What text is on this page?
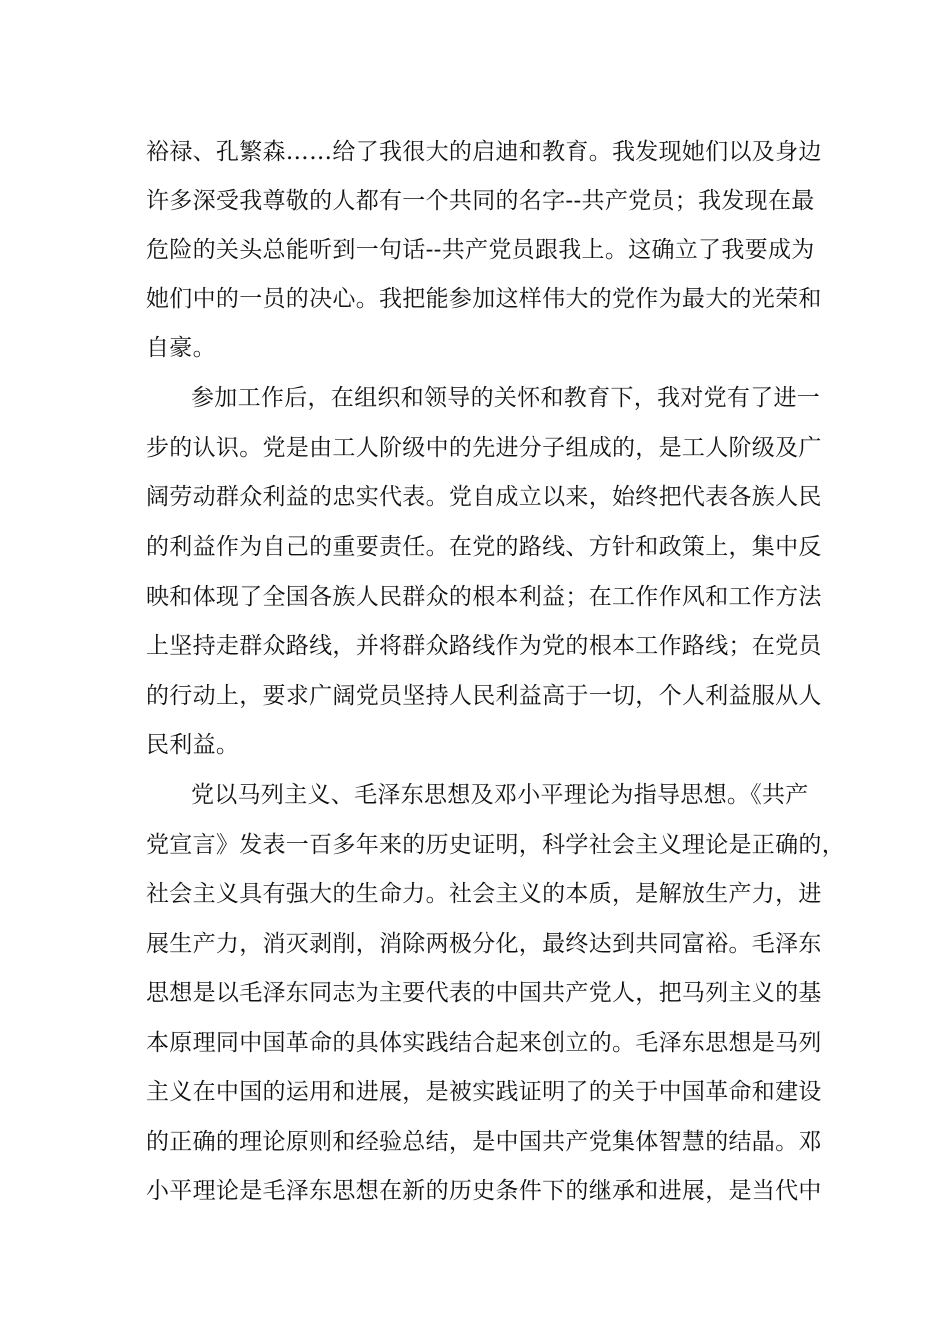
裕禄、孔繁森……给了我很大的启迪和教育。我发现她们以及身边
许多深受我尊敬的人都有一个共同的名字--共产党员；我发现在最
危险的关头总能听到一句话--共产党员跟我上。这确立了我要成为
她们中的一员的决心。我把能参加这样伟大的党作为最大的光荣和
自豪。
参加工作后，在组织和领导的关怀和教育下，我对党有了进一
步的认识。党是由工人阶级中的先进分子组成的，是工人阶级及广
阔劳动群众利益的忠实代表。党自成立以来，始终把代表各族人民
的利益作为自己的重要责任。在党的路线、方针和政策上，集中反
映和体现了全国各族人民群众的根本利益；在工作作风和工作方法
上坚持走群众路线，并将群众路线作为党的根本工作路线；在党员
的行动上，要求广阔党员坚持人民利益高于一切，个人利益服从人
民利益。
党以马列主义、毛泽东思想及邓小平理论为指导思想。《共产
党宣言》发表一百多年来的历史证明，科学社会主义理论是正确的，
社会主义具有强大的生命力。社会主义的本质，是解放生产力，进
展生产力，消灭剥削，消除两极分化，最终达到共同富裕。毛泽东
思想是以毛泽东同志为主要代表的中国共产党人，把马列主义的基
本原理同中国革命的具体实践结合起来创立的。毛泽东思想是马列
主义在中国的运用和进展，是被实践证明了的关于中国革命和建设
的正确的理论原则和经验总结，是中国共产党集体智慧的结晶。邓
小平理论是毛泽东思想在新的历史条件下的继承和进展，是当代中
